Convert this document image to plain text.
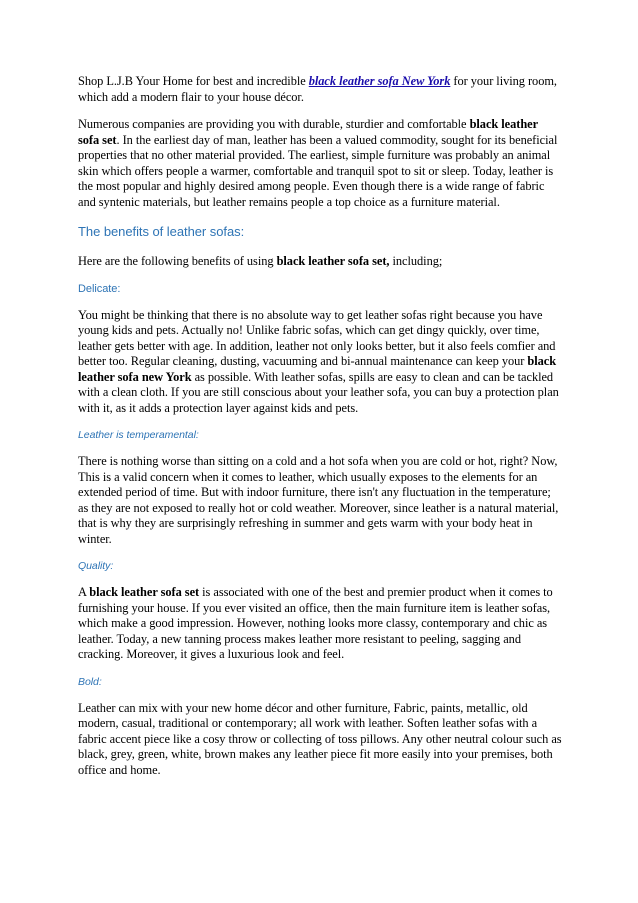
Shop L.J.B Your Home for best and incredible black leather sofa New York for your living room, which add a modern flair to your house décor.

Numerous companies are providing you with durable, sturdier and comfortable black leather sofa set. In the earliest day of man, leather has been a valued commodity, sought for its beneficial properties that no other material provided. The earliest, simple furniture was probably an animal skin which offers people a warmer, comfortable and tranquil spot to sit or sleep. Today, leather is the most popular and highly desired among people. Even though there is a wide range of fabric and syntenic materials, but leather remains people a top choice as a furniture material.

The benefits of leather sofas:

Here are the following benefits of using black leather sofa set, including;

Delicate:

You might be thinking that there is no absolute way to get leather sofas right because you have young kids and pets. Actually no! Unlike fabric sofas, which can get dingy quickly, over time, leather gets better with age. In addition, leather not only looks better, but it also feels comfier and better too. Regular cleaning, dusting, vacuuming and bi-annual maintenance can keep your black leather sofa new York as possible. With leather sofas, spills are easy to clean and can be tackled with a clean cloth. If you are still conscious about your leather sofa, you can buy a protection plan with it, as it adds a protection layer against kids and pets.

Leather is temperamental:

There is nothing worse than sitting on a cold and a hot sofa when you are cold or hot, right? Now, This is a valid concern when it comes to leather, which usually exposes to the elements for an extended period of time. But with indoor furniture, there isn't any fluctuation in the temperature; as they are not exposed to really hot or cold weather. Moreover, since leather is a natural material, that is why they are surprisingly refreshing in summer and gets warm with your body heat in winter.

Quality:

A black leather sofa set is associated with one of the best and premier product when it comes to furnishing your house. If you ever visited an office, then the main furniture item is leather sofas, which make a good impression. However, nothing looks more classy, contemporary and chic as leather. Today, a new tanning process makes leather more resistant to peeling, sagging and cracking. Moreover, it gives a luxurious look and feel.

Bold:

Leather can mix with your new home décor and other furniture, Fabric, paints, metallic, old modern, casual, traditional or contemporary; all work with leather. Soften leather sofas with a fabric accent piece like a cosy throw or collecting of toss pillows. Any other neutral colour such as black, grey, green, white, brown makes any leather piece fit more easily into your premises, both office and home.
